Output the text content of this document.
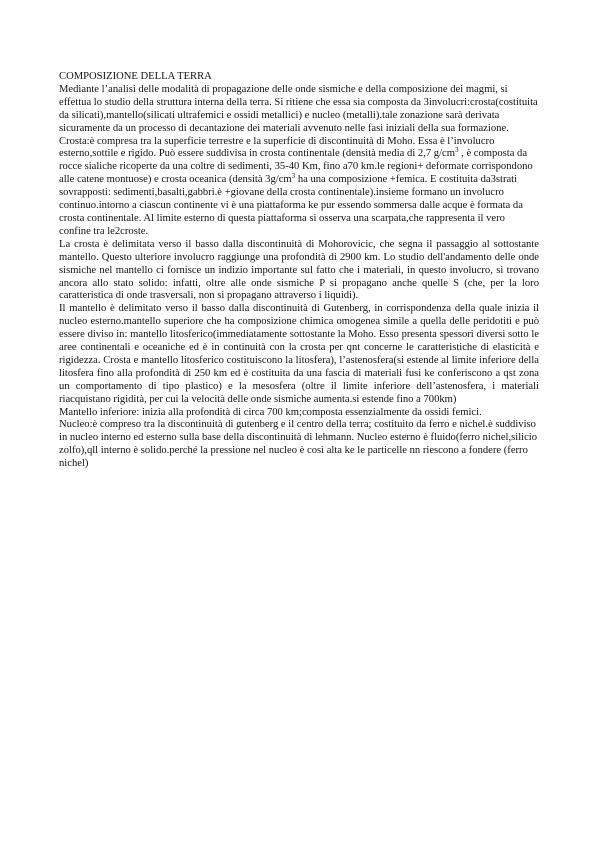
COMPOSIZIONE DELLA TERRA

Mediante l’analisi delle modalità di propagazione delle onde sismiche e della composizione dei magmi, si effettua lo studio della struttura interna della terra. Si ritiene che essa sia composta da 3involucri:crosta(costituita da silicati),mantello(silicati ultrafemici e ossidi metallici) e nucleo (metalli).tale zonazione sarà derivata sicuramente da un processo di decantazione dei materiali avvenuto nelle fasi iniziali della sua formazione.

Crosta:è compresa tra la superficie terrestre e la superficie di discontinuità di Moho. Essa è l’involucro esterno,sottile e rigido. Può essere suddivisa in crosta continentale (densità media di 2,7 $g/cm^3$ , è composta da rocce sialiche ricoperte da una coltre di sedimenti, 35-40 Km, fino a70 km.le regioni+ deformate corrispondono alle catene montuose) e crosta oceanica (densità $3g/cm^3$ ha una composizione +femica. E costituita da3strati sovrapposti: sedimenti,basalti,gabbri.è +giovane della crosta continentale).insieme formano un involucro continuo.intorno a ciascun continente vi è una piattaforma ke pur essendo sommersa dalle acque è formata da crosta continentale. Al limite esterno di questa piattaforma si osserva una scarpata,che rappresenta il vero confine tra le2croste.

La crosta è delimitata verso il basso dalla discontinuità di Mohorovicic, che segna il passaggio al sottostante mantello. Questo ulteriore involucro raggiunge una profondità di 2900 km. Lo studio dell'andamento delle onde sismiche nel mantello ci fornisce un indizio importante sul fatto che i materiali, in questo involucro, si trovano ancora allo stato solido: infatti, oltre alle onde sismiche P si propagano anche quelle S (che, per la loro caratteristica di onde trasversali, non si propagano attraverso i liquidi).

Il mantello è delimitato verso il basso dalla discontinuità di Gutenberg, in corrispondenza della quale inizia il nucleo esterno.mantello superiore che ha composizione chimica omogenea simile a quella delle peridotiti e può essere diviso in: mantello litosferico(immediatamente sottostante la Moho. Esso presenta spessori diversi sotto le aree continentali e oceaniche ed è in continuità con la crosta per qnt concerne le caratteristiche di elasticità e rigidezza. Crosta e mantello litosferico costituiscono la litosfera), l’astenosfera(si estende al limite inferiore della litosfera fino alla profondità di 250 km ed è costituita da una fascia di materiali fusi ke conferiscono a qst zona un comportamento di tipo plastico) e la mesosfera (oltre il limite inferiore dell’astenosfera, i materiali riacquistano rigidità, per cui la velocità delle onde sismiche aumenta.si estende fino a 700km)

Mantello inferiore: inizia alla profondità di circa 700 km;composta essenzialmente da ossidi femici.

Nucleo:è compreso tra la discontinuità di gutenberg e il centro della terra; costituito da ferro e nichel.è suddiviso in nucleo interno ed esterno sulla base della discontinuità di lehmann. Nucleo esterno è fluido(ferro nichel,silicio zolfo),qll interno è solido.perché la pressione nel nucleo è così alta ke le particelle nn riescono a fondere (ferro nichel)
